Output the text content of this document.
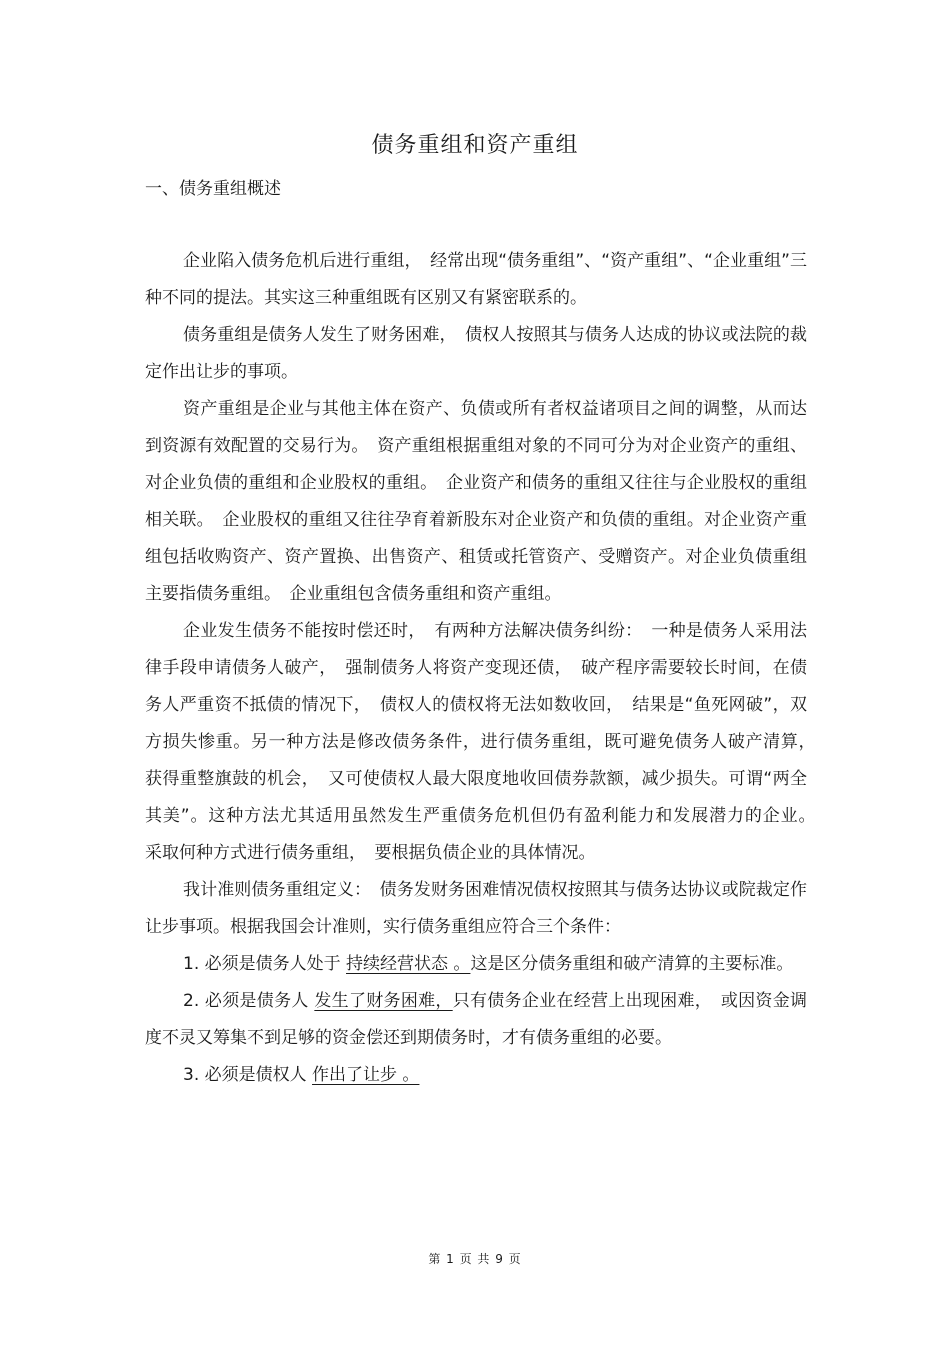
债务重组和资产重组
一、债务重组概述

企业陷入债务危机后进行重组，　经常出现“债务重组”、“资产重组”、“企业重组”三种不同的提法。其实这三种重组既有区别又有紧密联系的。

债务重组是债务人发生了财务困难，　债权人按照其与债务人达成的协议或法院的裁定作出让步的事项。

资产重组是企业与其他主体在资产、负债或所有者权益诸项目之间的调整，从而达到资源有效配置的交易行为。　资产重组根据重组对象的不同可分为对企业资产的重组、对企业负债的重组和企业股权的重组。　企业资产和债务的重组又往往与企业股权的重组相关联。　企业股权的重组又往往孕育着新股东对企业资产和负债的重组。对企业资产重组包括收购资产、资产置换、出售资产、租赁或托管资产、受赠资产。对企业负债重组主要指债务重组。　企业重组包含债务重组和资产重组。

企业发生债务不能按时偿还时，　有两种方法解决债务纠纷：　一种是债务人采用法律手段申请债务人破产，　强制债务人将资产变现还债，　破产程序需要较长时间，在债务人严重资不抵债的情况下，　债权人的债权将无法如数收回，　结果是“鱼死网破”，双方损失惨重。另一种方法是修改债务条件，进行债务重组，既可避免债务人破产清算，　获得重整旗鼓的机会，　又可使债权人最大限度地收回债券款额，减少损失。可谓“两全其美”。这种方法尤其适用虽然发生严重债务危机但仍有盈利能力和发展潜力的企业。　采取何种方式进行债务重组，　要根据负债企业的具体情况。

我计准则债务重组定义：　债务发财务困难情况债权按照其与债务达协议或院裁定作让步事项。根据我国会计准则，实行债务重组应符合三个条件：

1. 必须是债务人处于 持续经营状态 。这是区分债务重组和破产清算的主要标准。

2. 必须是债务人 发生了财务困难，只有债务企业在经营上出现困难，　或因资金调度不灵又筹集不到足够的资金偿还到期债务时，才有债务重组的必要。

3. 必须是债权人 作出了让步 。

第 1 页 共 9 页
